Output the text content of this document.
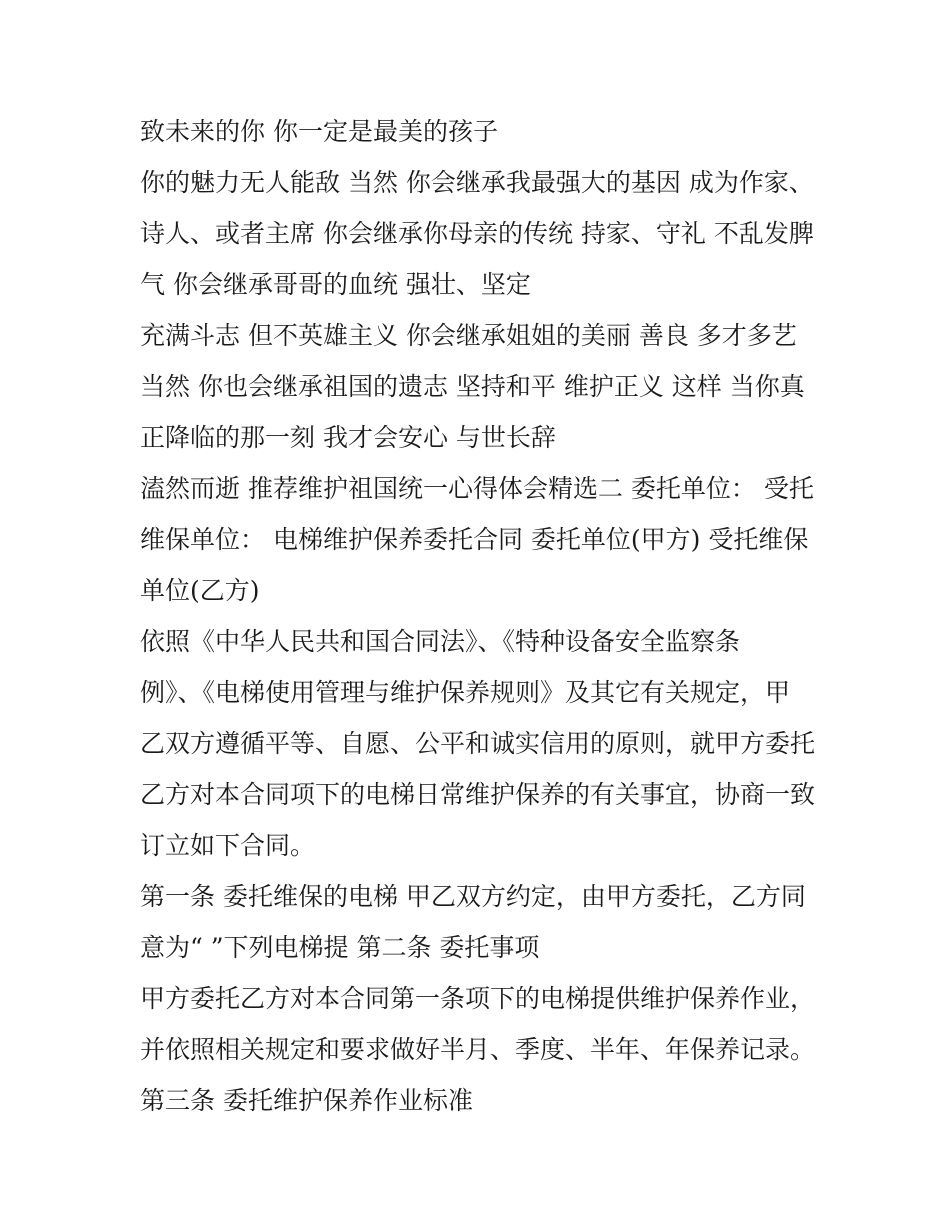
致未来的你 你一定是最美的孩子
你的魅力无人能敌 当然 你会继承我最强大的基因 成为作家、
诗人、或者主席 你会继承你母亲的传统 持家、守礼 不乱发脾
气 你会继承哥哥的血统 强壮、坚定
充满斗志 但不英雄主义 你会继承姐姐的美丽 善良 多才多艺
当然 你也会继承祖国的遗志 坚持和平 维护正义 这样 当你真
正降临的那一刻 我才会安心 与世长辞
溘然而逝 推荐维护祖国统一心得体会精选二 委托单位： 受托
维保单位： 电梯维护保养委托合同 委托单位(甲方) 受托维保
单位(乙方)
依照《中华人民共和国合同法》、《特种设备安全监察条
例》、《电梯使用管理与维护保养规则》及其它有关规定，甲
乙双方遵循平等、自愿、公平和诚实信用的原则，就甲方委托
乙方对本合同项下的电梯日常维护保养的有关事宜，协商一致
订立如下合同。
第一条 委托维保的电梯 甲乙双方约定，由甲方委托，乙方同
意为“ ”下列电梯提 第二条 委托事项
甲方委托乙方对本合同第一条项下的电梯提供维护保养作业，
并依照相关规定和要求做好半月、季度、半年、年保养记录。
第三条 委托维护保养作业标准
